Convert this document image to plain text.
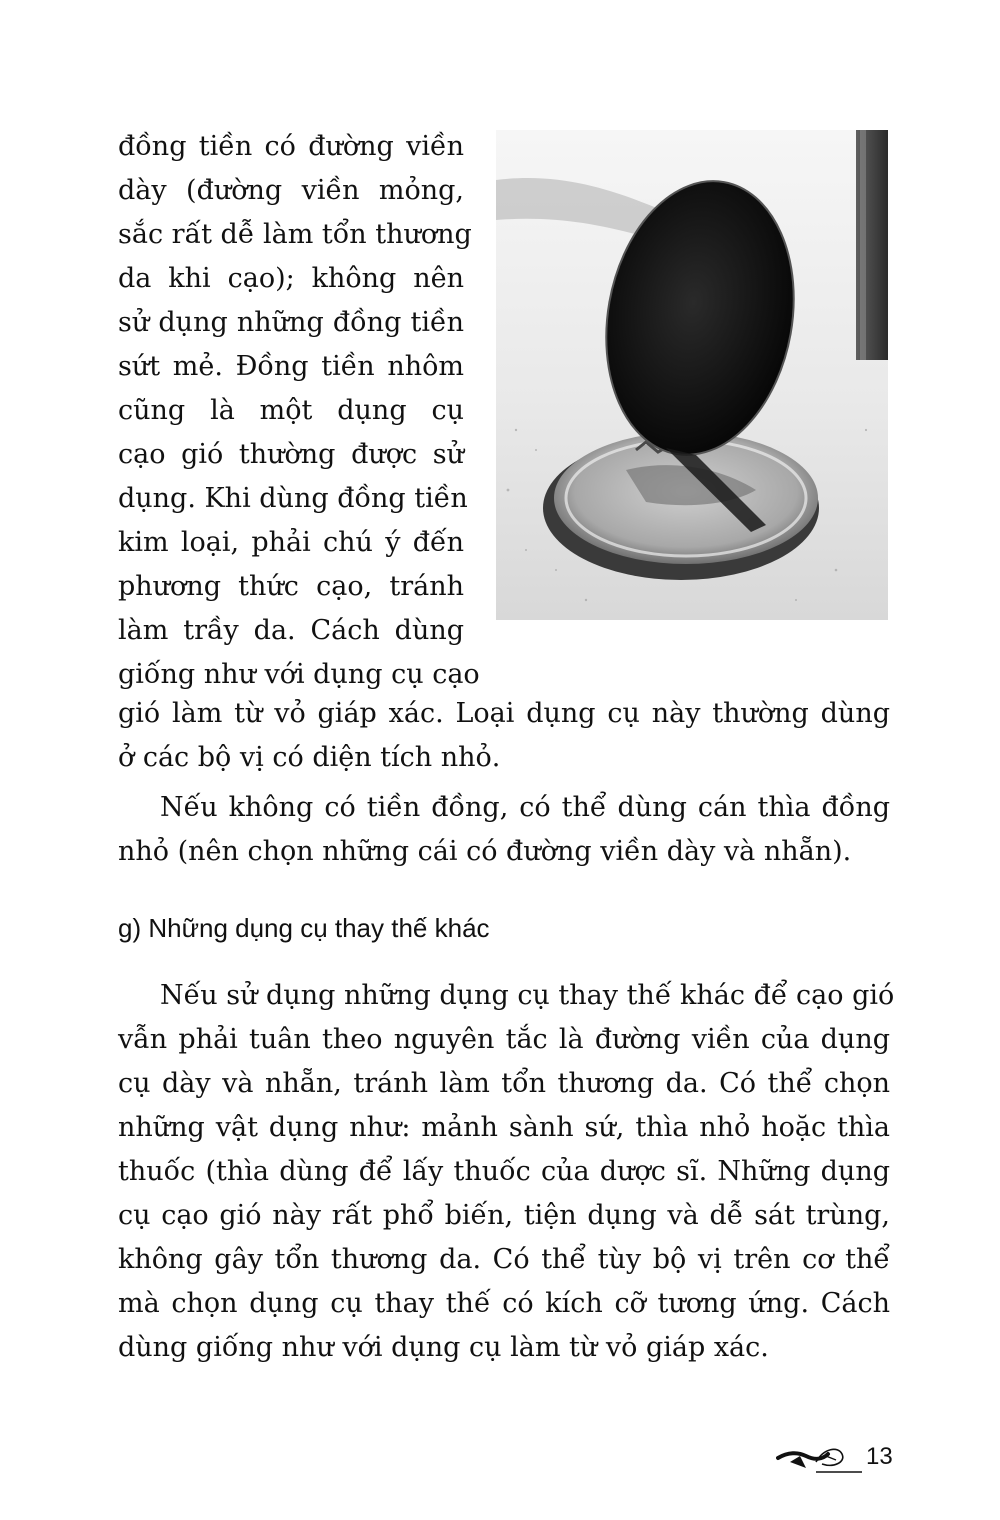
đồng tiền có đường viền
dày (đường viền mỏng,
sắc rất dễ làm tổn thương
da khi cạo); không nên
sử dụng những đồng tiền
sứt mẻ. Đồng tiền nhôm
cũng là một dụng cụ
cạo gió thường được sử
dụng. Khi dùng đồng tiền
kim loại, phải chú ý đến
phương thức cạo, tránh
làm trầy da. Cách dùng
giống như với dụng cụ cạo
gió làm từ vỏ giáp xác. Loại dụng cụ này thường dùng
ở các bộ vị có diện tích nhỏ.
Nếu không có tiền đồng, có thể dùng cán thìa đồng
nhỏ (nên chọn những cái có đường viền dày và nhẵn).
g) Những dụng cụ thay thế khác
Nếu sử dụng những dụng cụ thay thế khác để cạo gió
vẫn phải tuân theo nguyên tắc là đường viền của dụng
cụ dày và nhẵn, tránh làm tổn thương da. Có thể chọn
những vật dụng như: mảnh sành sứ, thìa nhỏ hoặc thìa
thuốc (thìa dùng để lấy thuốc của dược sĩ. Những dụng
cụ cạo gió này rất phổ biến, tiện dụng và dễ sát trùng,
không gây tổn thương da. Có thể tùy bộ vị trên cơ thể
mà chọn dụng cụ thay thế có kích cỡ tương ứng. Cách
dùng giống như với dụng cụ làm từ vỏ giáp xác.
13
